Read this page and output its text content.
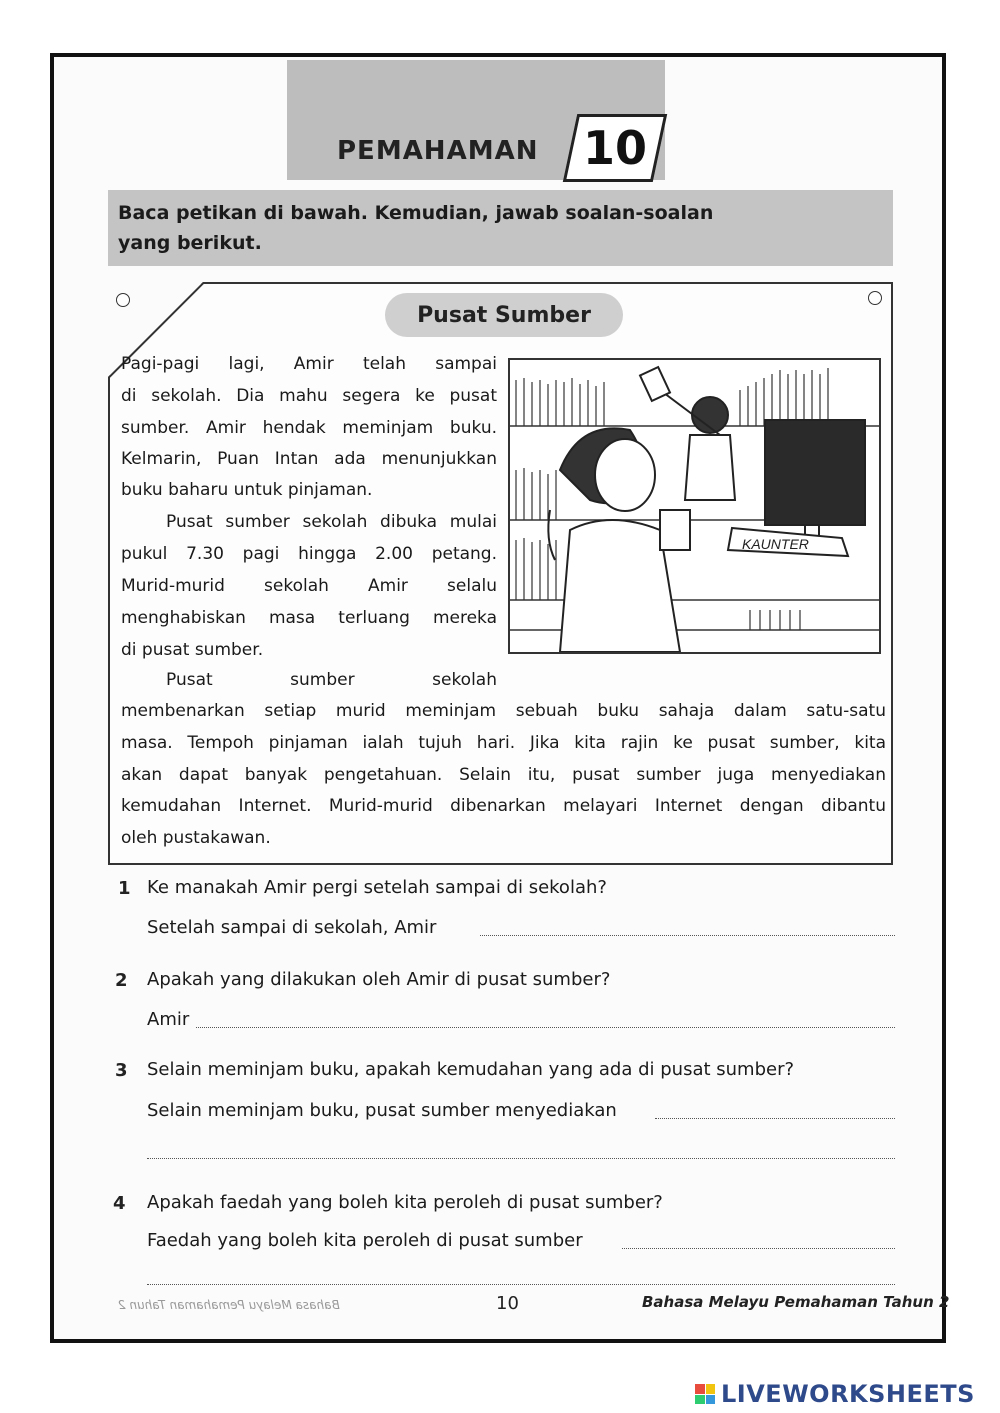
PEMAHAMAN 10
Baca petikan di bawah. Kemudian, jawab soalan-soalan
yang berikut.
Pusat Sumber
Pagi-pagi lagi, Amir telah sampai
di sekolah. Dia mahu segera ke pusat
sumber. Amir hendak meminjam buku.
Kelmarin, Puan Intan ada menunjukkan
buku baharu untuk pinjaman.
Pusat sumber sekolah dibuka mulai
pukul 7.30 pagi hingga 2.00 petang.
Murid-murid sekolah Amir selalu
menghabiskan masa terluang mereka
di pusat sumber.
Pusat sumber sekolah
membenarkan setiap murid meminjam sebuah buku sahaja dalam satu-satu
masa. Tempoh pinjaman ialah tujuh hari. Jika kita rajin ke pusat sumber, kita
akan dapat banyak pengetahuan. Selain itu, pusat sumber juga menyediakan
kemudahan Internet. Murid-murid dibenarkan melayari Internet dengan dibantu
oleh pustakawan.
KAUNTER
1 Ke manakah Amir pergi setelah sampai di sekolah?
Setelah sampai di sekolah, Amir
2 Apakah yang dilakukan oleh Amir di pusat sumber?
Amir
3 Selain meminjam buku, apakah kemudahan yang ada di pusat sumber?
Selain meminjam buku, pusat sumber menyediakan
4 Apakah faedah yang boleh kita peroleh di pusat sumber?
Faedah yang boleh kita peroleh di pusat sumber
Bahasa Melayu Pemahaman Tahun 2	10	Bahasa Melayu Pemahaman Tahun 2
LIVEWORKSHEETS
